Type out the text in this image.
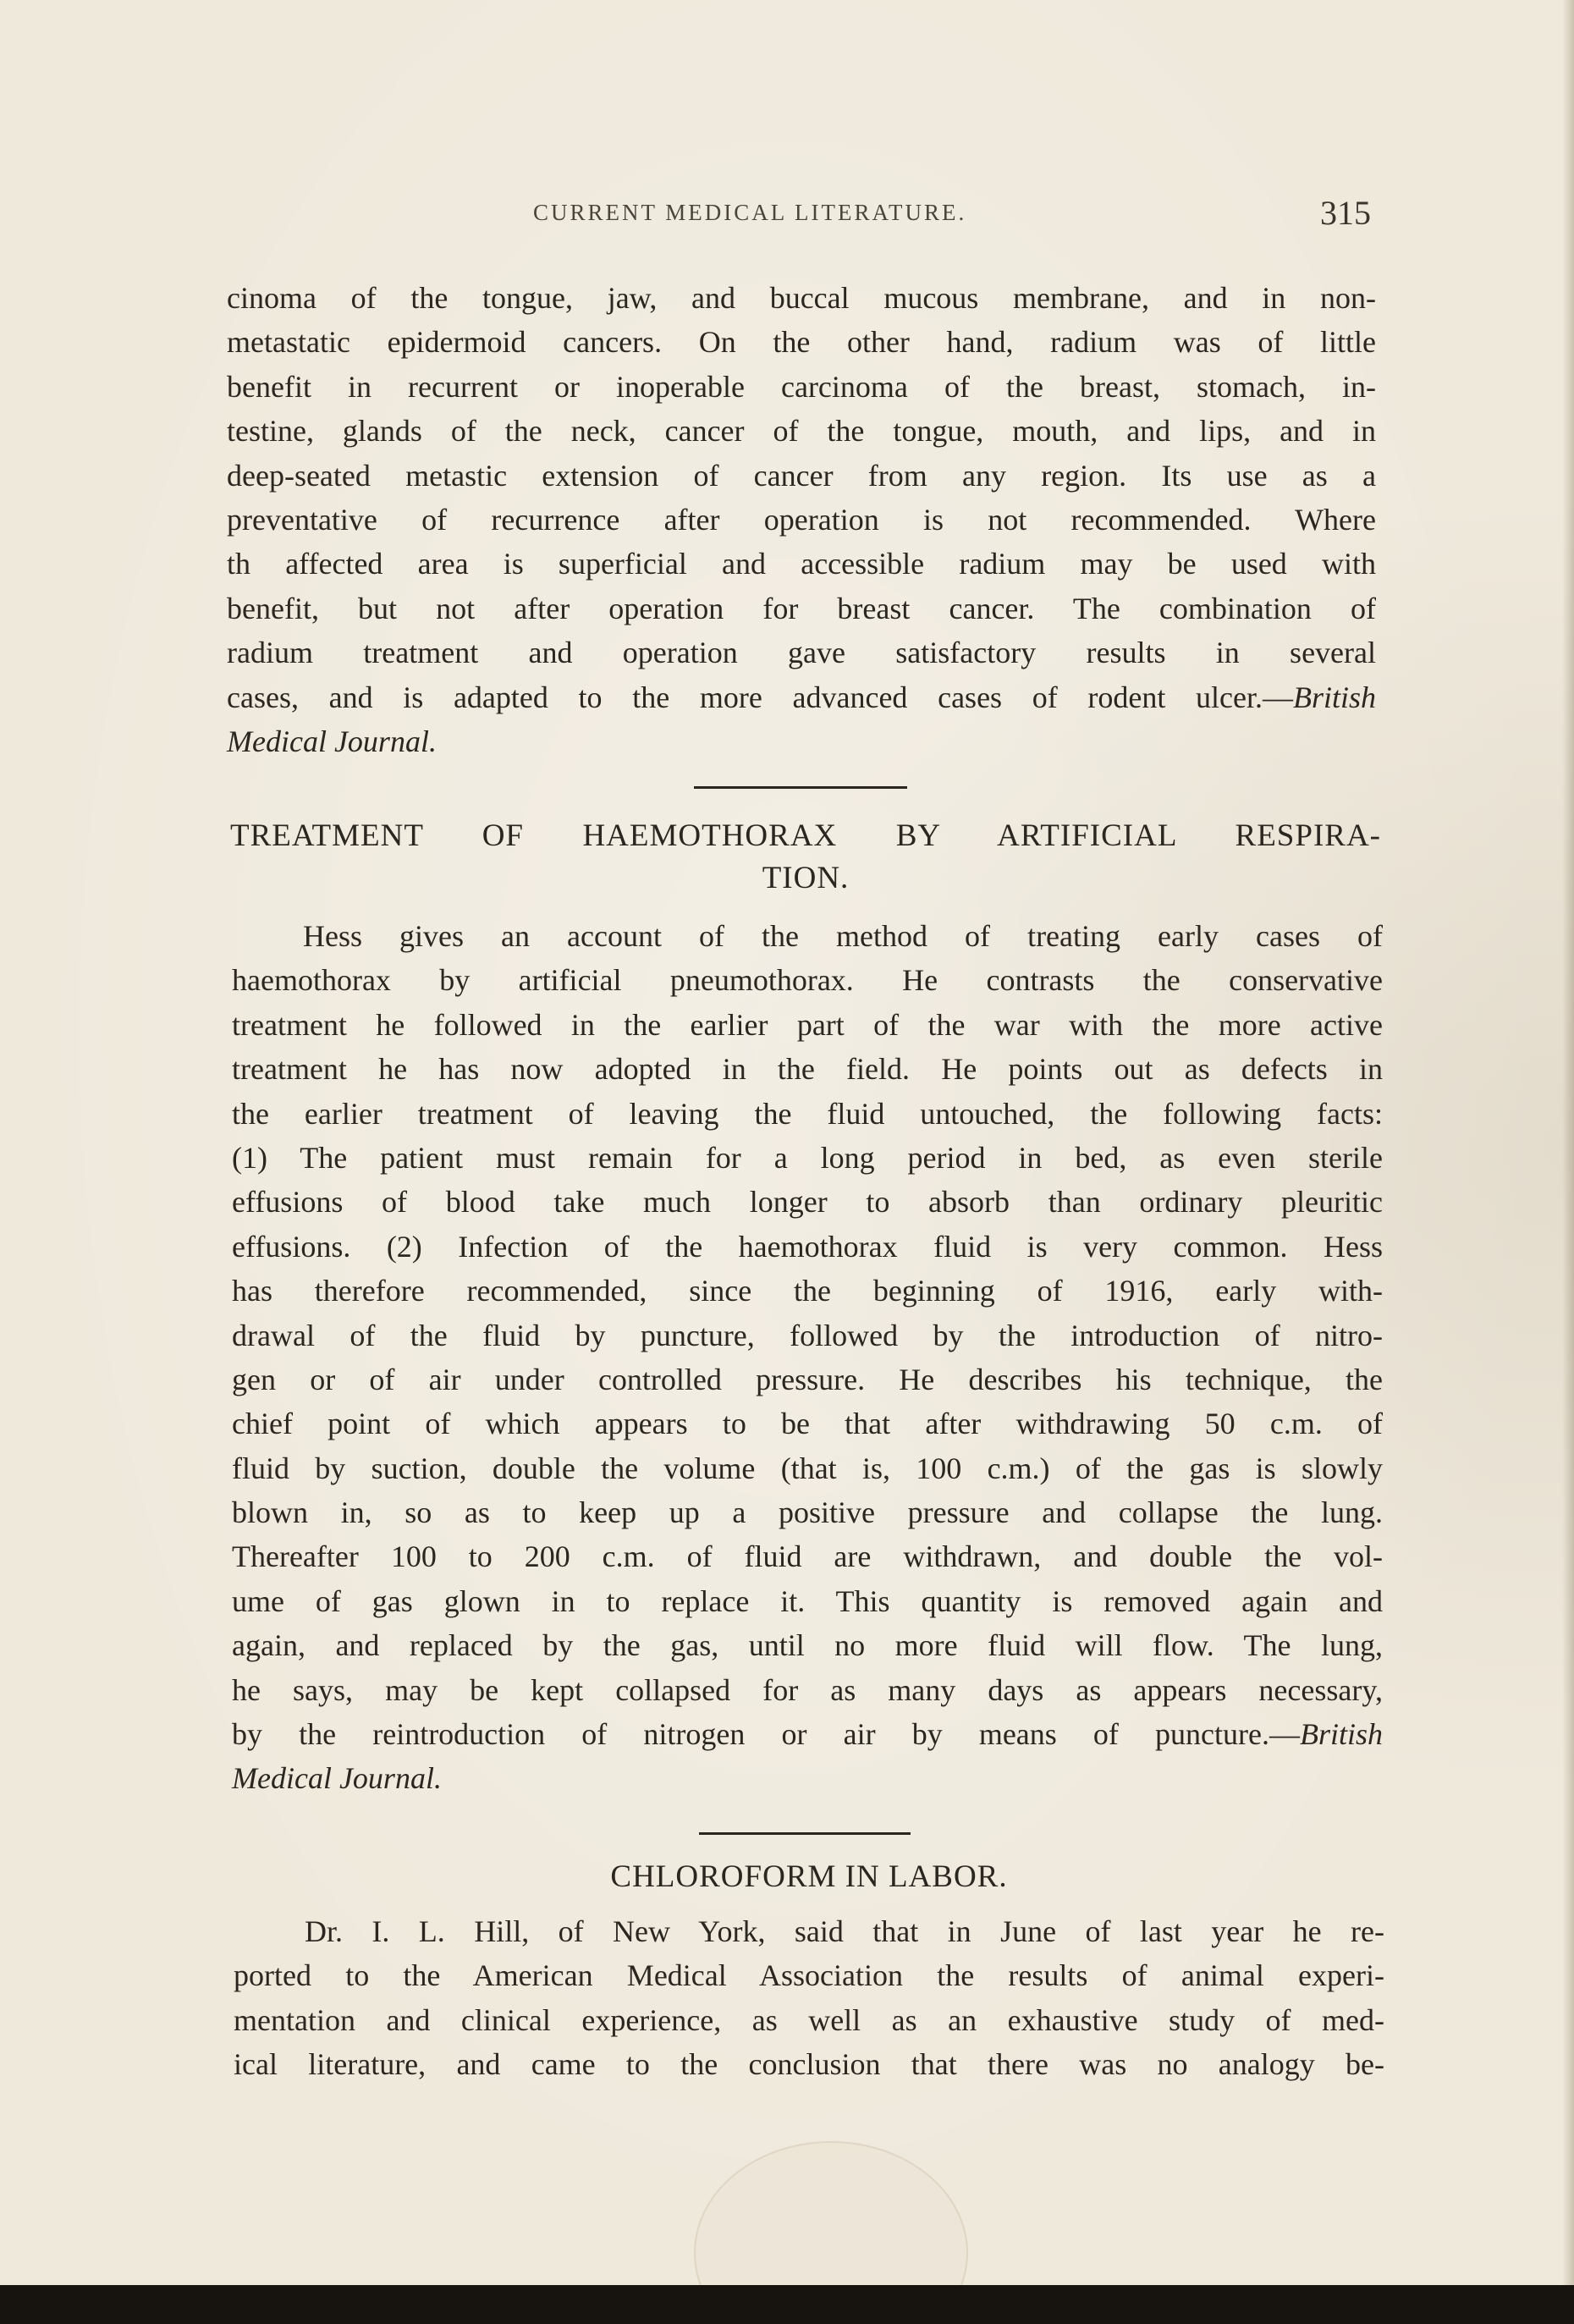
CURRENT MEDICAL LITERATURE.	315
cinoma of the tongue, jaw, and buccal mucous membrane, and in non-
metastatic epidermoid cancers. On the other hand, radium was of little
benefit in recurrent or inoperable carcinoma of the breast, stomach, in-
testine, glands of the neck, cancer of the tongue, mouth, and lips, and in
deep-seated metastic extension of cancer from any region. Its use as a
preventative of recurrence after operation is not recommended. Where
th affected area is superficial and accessible radium may be used with
benefit, but not after operation for breast cancer. The combination of
radium treatment and operation gave satisfactory results in several
cases, and is adapted to the more advanced cases of rodent ulcer.—British
Medical Journal.
TREATMENT OF HAEMOTHORAX BY ARTIFICIAL RESPIRA-
TION.
Hess gives an account of the method of treating early cases of
haemothorax by artificial pneumothorax. He contrasts the conservative
treatment he followed in the earlier part of the war with the more active
treatment he has now adopted in the field. He points out as defects in
the earlier treatment of leaving the fluid untouched, the following facts:
(1) The patient must remain for a long period in bed, as even sterile
effusions of blood take much longer to absorb than ordinary pleuritic
effusions. (2) Infection of the haemothorax fluid is very common. Hess
has therefore recommended, since the beginning of 1916, early with-
drawal of the fluid by puncture, followed by the introduction of nitro-
gen or of air under controlled pressure. He describes his technique, the
chief point of which appears to be that after withdrawing 50 c.m. of
fluid by suction, double the volume (that is, 100 c.m.) of the gas is slowly
blown in, so as to keep up a positive pressure and collapse the lung.
Thereafter 100 to 200 c.m. of fluid are withdrawn, and double the vol-
ume of gas glown in to replace it. This quantity is removed again and
again, and replaced by the gas, until no more fluid will flow. The lung,
he says, may be kept collapsed for as many days as appears necessary,
by the reintroduction of nitrogen or air by means of puncture.—British
Medical Journal.
CHLOROFORM IN LABOR.
Dr. I. L. Hill, of New York, said that in June of last year he re-
ported to the American Medical Association the results of animal experi-
mentation and clinical experience, as well as an exhaustive study of med-
ical literature, and came to the conclusion that there was no analogy be-
